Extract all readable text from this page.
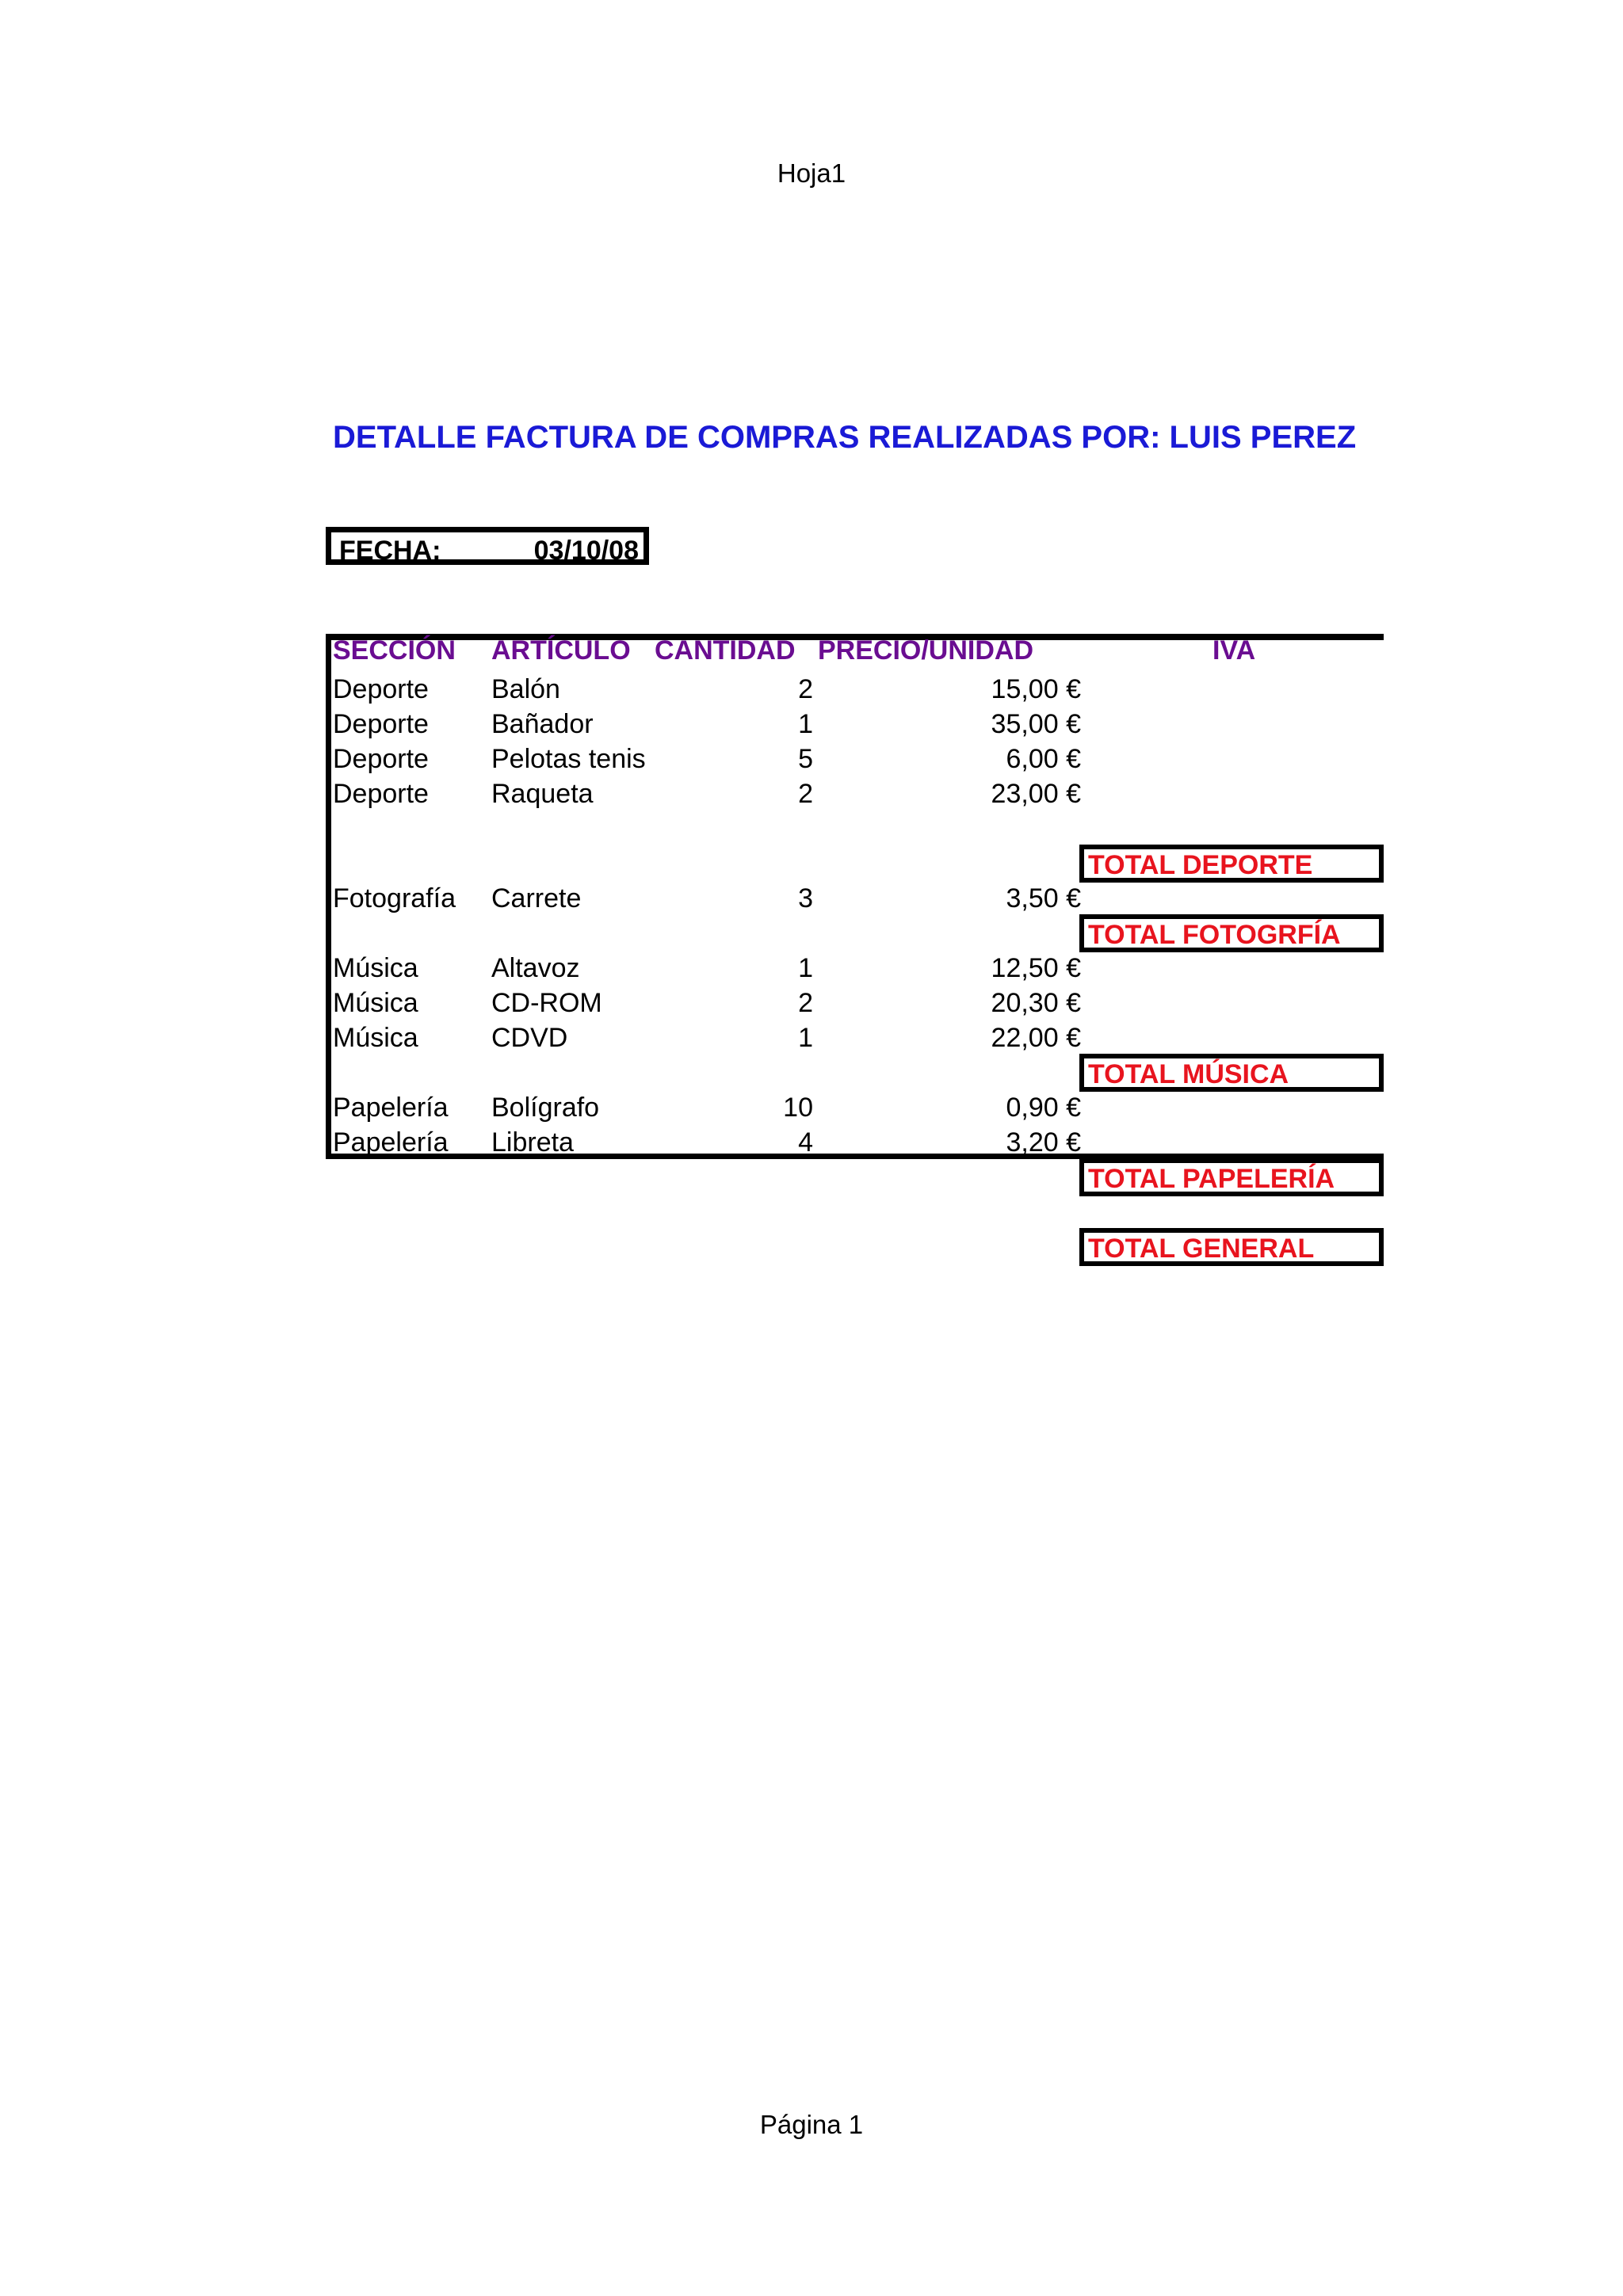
Hoja1
Página 1
DETALLE FACTURA DE COMPRAS REALIZADAS POR: LUIS PEREZ
FECHA:	03/10/08
SECCIÓN ARTÍCULO CANTIDAD PRECIO/UNIDAD	IVA
Deporte Balón	2	15,00 €
Deporte Bañador	1	35,00 €
Deporte Pelotas tenis	5	6,00 €
Deporte Raqueta	2	23,00 €
TOTAL DEPORTE
Fotografía Carrete	3	3,50 €
TOTAL FOTOGRFÍA
Música	Altavoz	1	12,50 €
Música	CD-ROM	2	20,30 €
Música	CDVD	1	22,00 €
TOTAL MÚSICA
Papelería Bolígrafo	10	0,90 €
Papelería Libreta	4	3,20 €
TOTAL PAPELERÍA
TOTAL GENERAL
